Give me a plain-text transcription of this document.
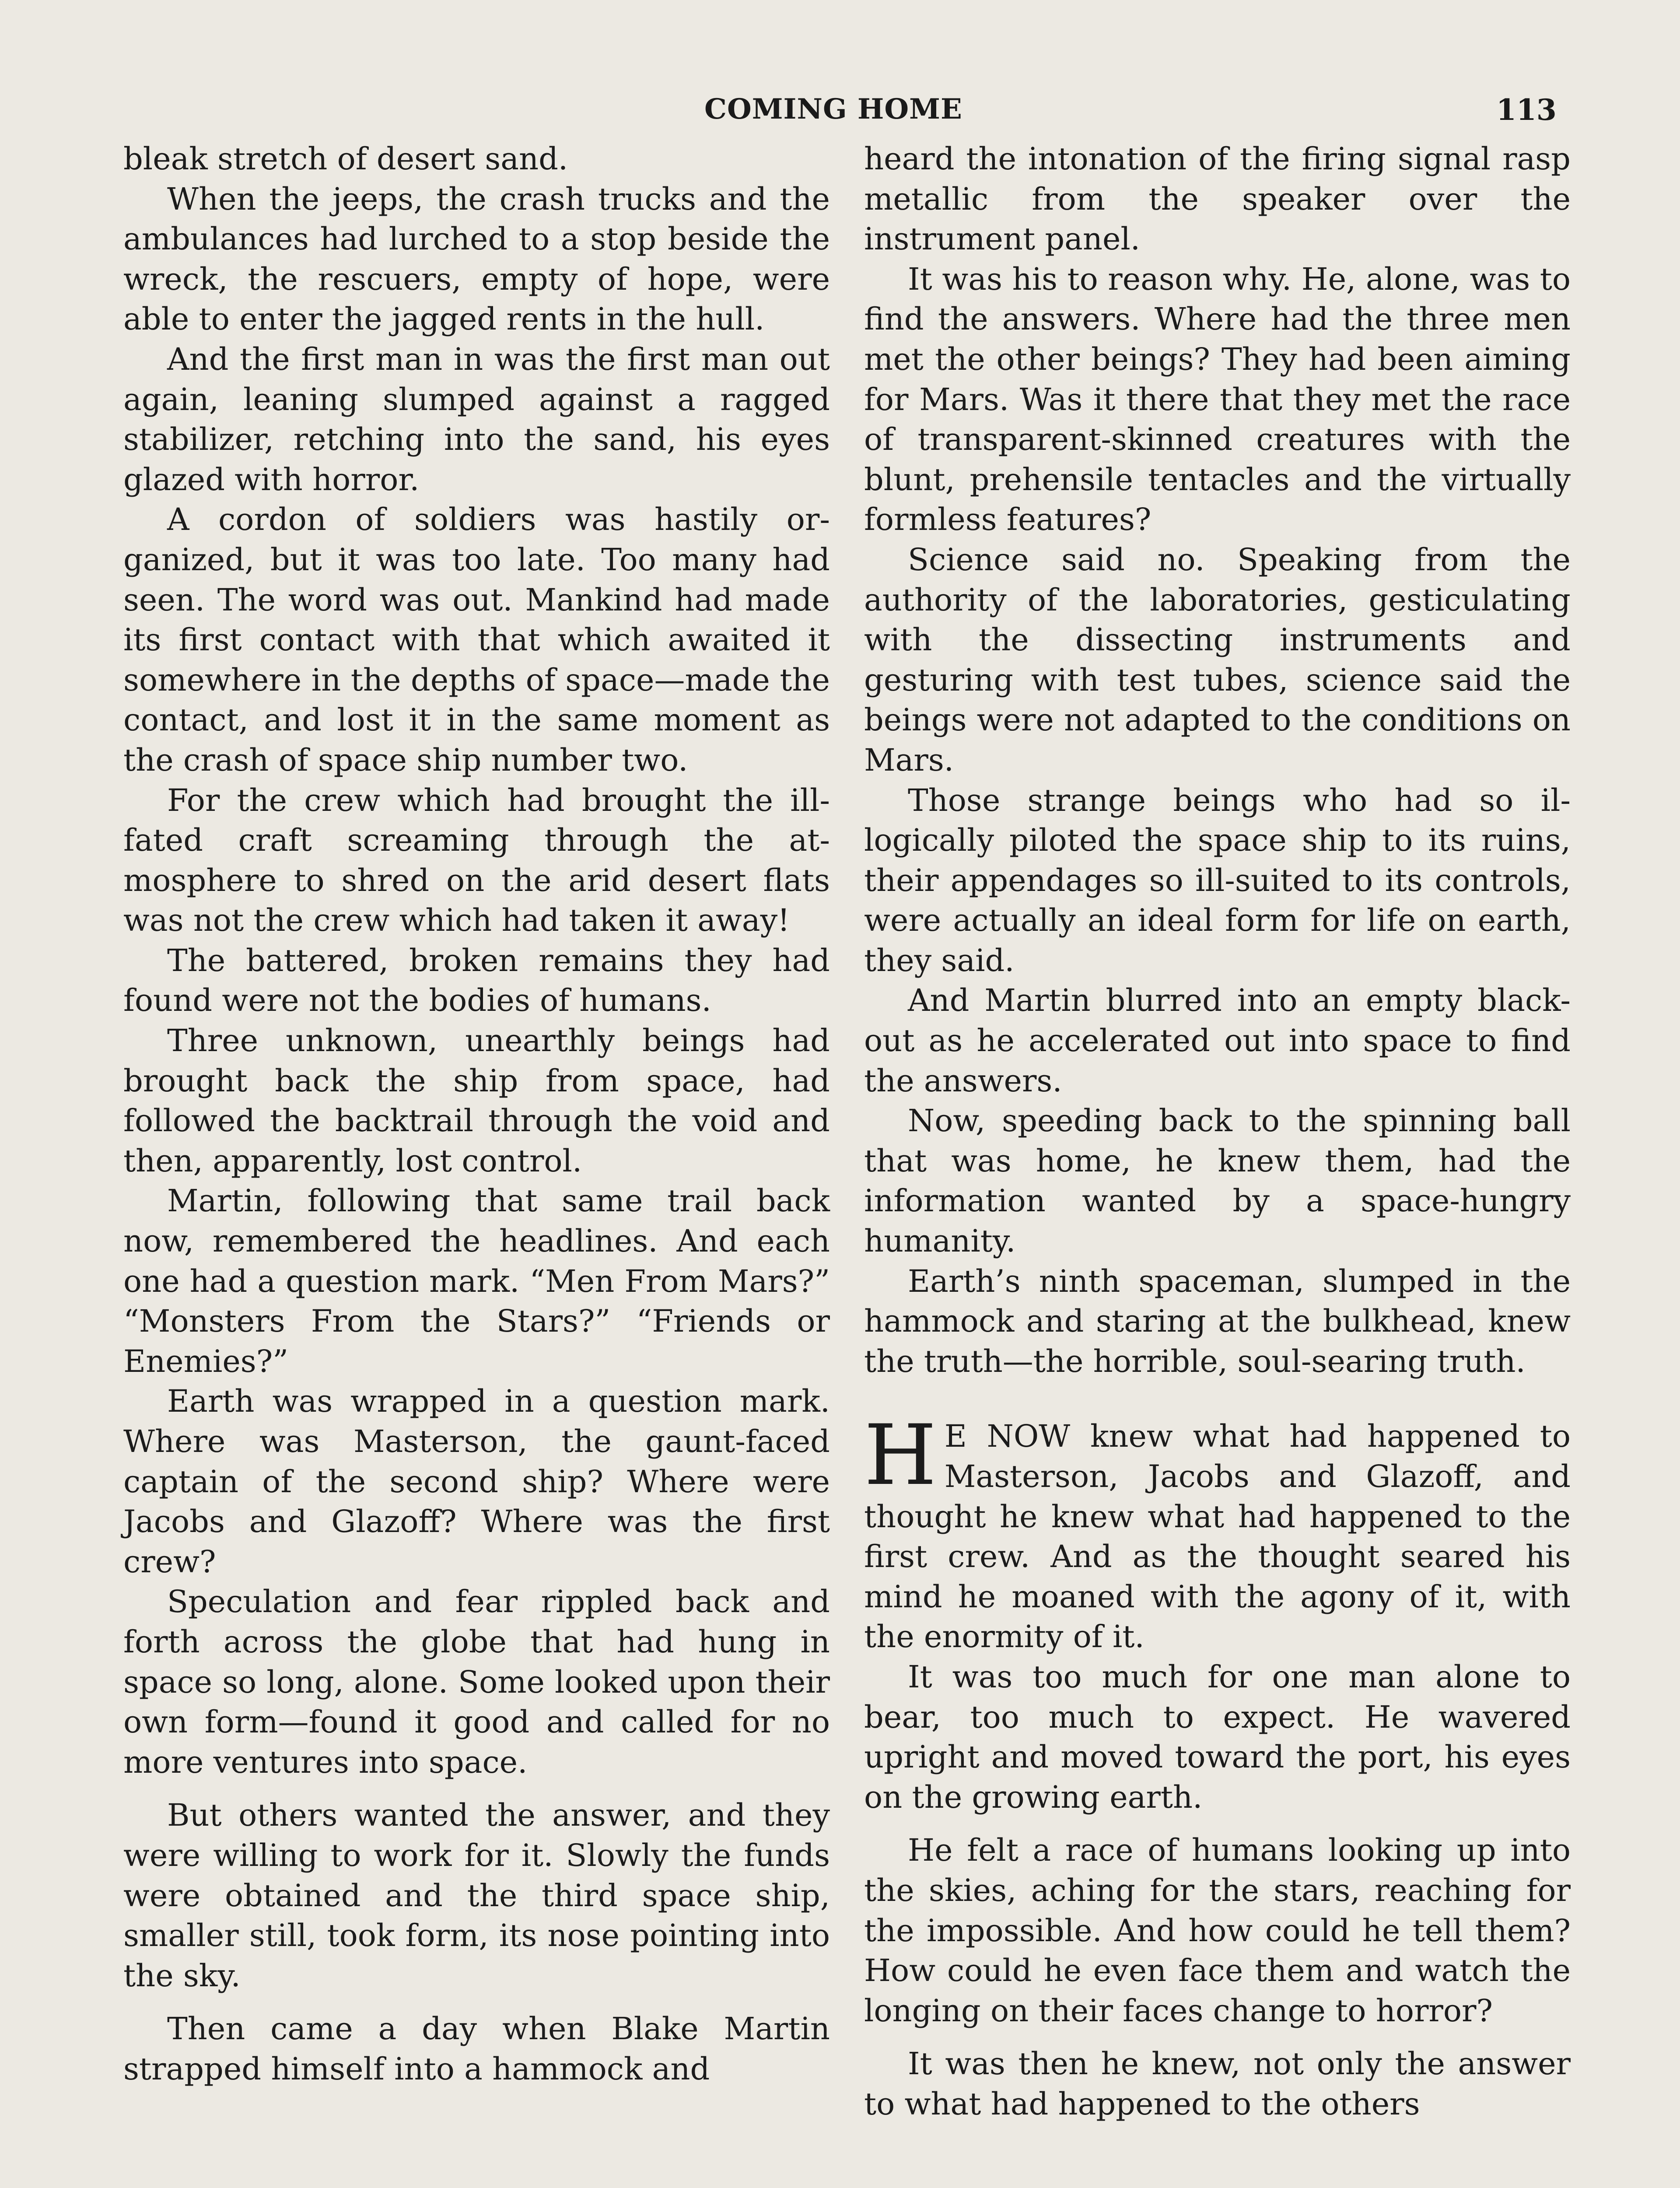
COMING HOME	113

bleak stretch of desert sand.

When the jeeps, the crash trucks and the ambulances had lurched to a stop beside the wreck, the rescuers, empty of hope, were able to enter the jagged rents in the hull.

And the first man in was the first man out again, leaning slumped against a ragged stabilizer, retching into the sand, his eyes glazed with horror.

A cordon of soldiers was hastily organized, but it was too late. Too many had seen. The word was out. Mankind had made its first contact with that which awaited it somewhere in the depths of space—made the contact, and lost it in the same moment as the crash of space ship number two.

For the crew which had brought the ill-fated craft screaming through the atmosphere to shred on the arid desert flats was not the crew which had taken it away!

The battered, broken remains they had found were not the bodies of humans.

Three unknown, unearthly beings had brought back the ship from space, had followed the backtrail through the void and then, apparently, lost control.

Martin, following that same trail back now, remembered the headlines. And each one had a question mark. “Men From Mars?” “Monsters From the Stars?” “Friends or Enemies?”

Earth was wrapped in a question mark. Where was Masterson, the gaunt-faced captain of the second ship? Where were Jacobs and Glazoff? Where was the first crew?

Speculation and fear rippled back and forth across the globe that had hung in space so long, alone. Some looked upon their own form—found it good and called for no more ventures into space.

But others wanted the answer, and they were willing to work for it. Slowly the funds were obtained and the third space ship, smaller still, took form, its nose pointing into the sky.

Then came a day when Blake Martin strapped himself into a hammock and

heard the intonation of the firing signal rasp metallic from the speaker over the instrument panel.

It was his to reason why. He, alone, was to find the answers. Where had the three men met the other beings? They had been aiming for Mars. Was it there that they met the race of transparent-skinned creatures with the blunt, prehensile tentacles and the virtually formless features?

Science said no. Speaking from the authority of the laboratories, gesticulating with the dissecting instruments and gesturing with test tubes, science said the beings were not adapted to the conditions on Mars.

Those strange beings who had so illogically piloted the space ship to its ruins, their appendages so ill-suited to its controls, were actually an ideal form for life on earth, they said.

And Martin blurred into an empty black-out as he accelerated out into space to find the answers.

Now, speeding back to the spinning ball that was home, he knew them, had the information wanted by a space-hungry humanity.

Earth’s ninth spaceman, slumped in the hammock and staring at the bulkhead, knew the truth—the horrible, soul-searing truth.

H E NOW knew what had happened to Masterson, Jacobs and Glazoff, and thought he knew what had happened to the first crew. And as the thought seared his mind he moaned with the agony of it, with the enormity of it.

It was too much for one man alone to bear, too much to expect. He wavered upright and moved toward the port, his eyes on the growing earth.

He felt a race of humans looking up into the skies, aching for the stars, reaching for the impossible. And how could he tell them? How could he even face them and watch the longing on their faces change to horror?

It was then he knew, not only the answer to what had happened to the others
